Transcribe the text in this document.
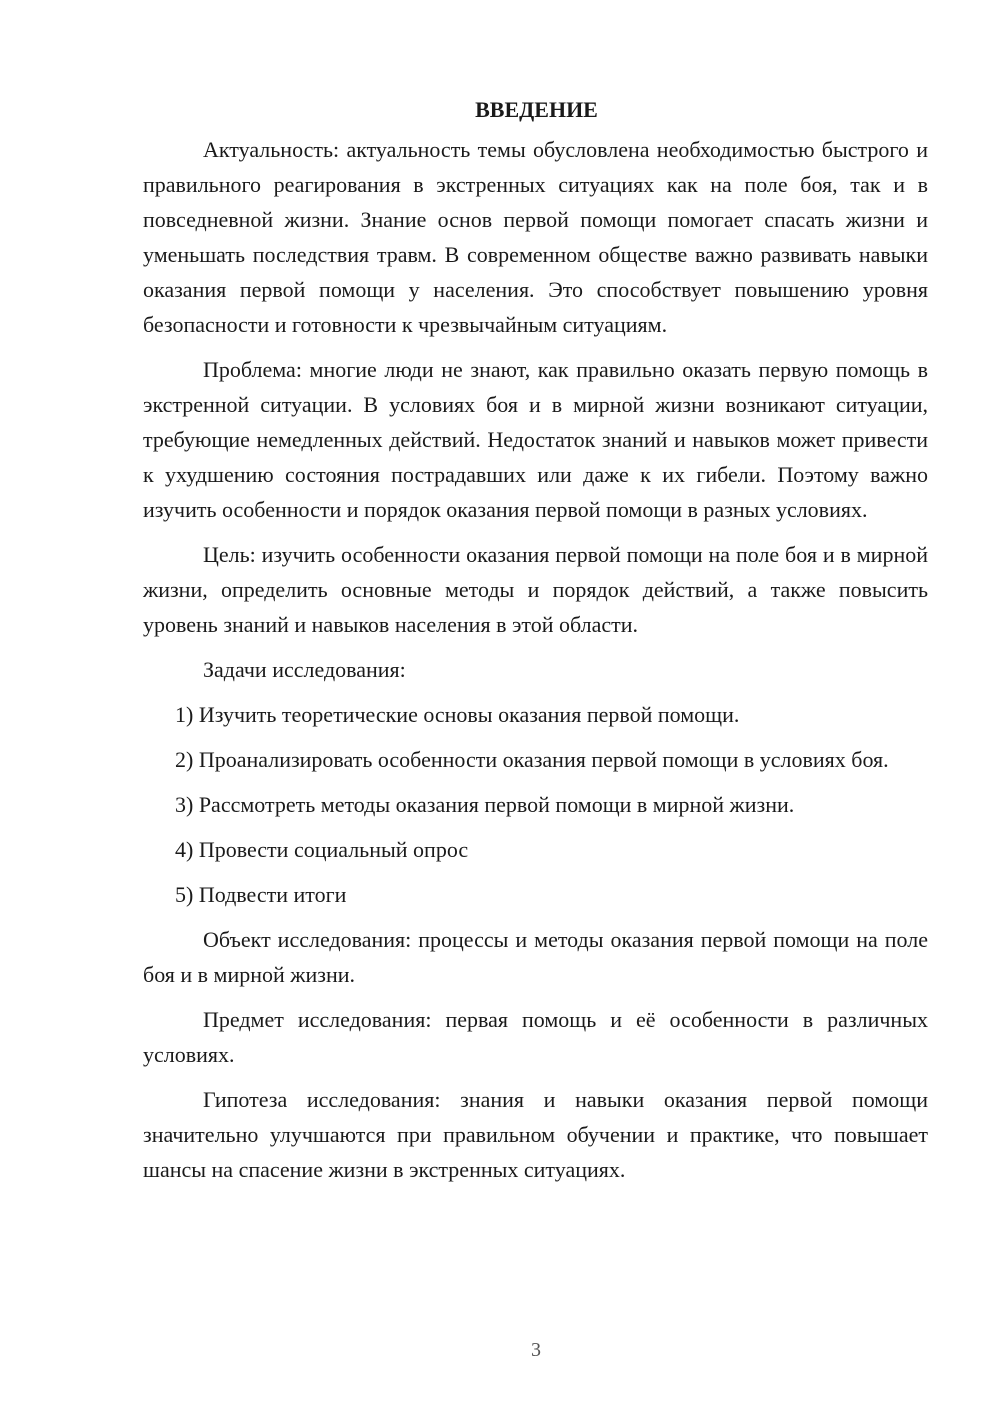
ВВЕДЕНИЕ

Актуальность: актуальность темы обусловлена необходимостью быстрого и правильного реагирования в экстренных ситуациях как на поле боя, так и в повседневной жизни. Знание основ первой помощи помогает спасать жизни и уменьшать последствия травм. В современном обществе важно развивать навыки оказания первой помощи у населения. Это способствует повышению уровня безопасности и готовности к чрезвычайным ситуациям.

Проблема: многие люди не знают, как правильно оказать первую помощь в экстренной ситуации. В условиях боя и в мирной жизни возникают ситуации, требующие немедленных действий. Недостаток знаний и навыков может привести к ухудшению состояния пострадавших или даже к их гибели. Поэтому важно изучить особенности и порядок оказания первой помощи в разных условиях.

Цель: изучить особенности оказания первой помощи на поле боя и в мирной жизни, определить основные методы и порядок действий, а также повысить уровень знаний и навыков населения в этой области.

Задачи исследования:

1) Изучить теоретические основы оказания первой помощи.

2) Проанализировать особенности оказания первой помощи в условиях боя.

3) Рассмотреть методы оказания первой помощи в мирной жизни.

4) Провести социальный опрос

5) Подвести итоги

Объект исследования: процессы и методы оказания первой помощи на поле боя и в мирной жизни.

Предмет исследования: первая помощь и её особенности в различных условиях.

Гипотеза исследования: знания и навыки оказания первой помощи значительно улучшаются при правильном обучении и практике, что повышает шансы на спасение жизни в экстренных ситуациях.

3
